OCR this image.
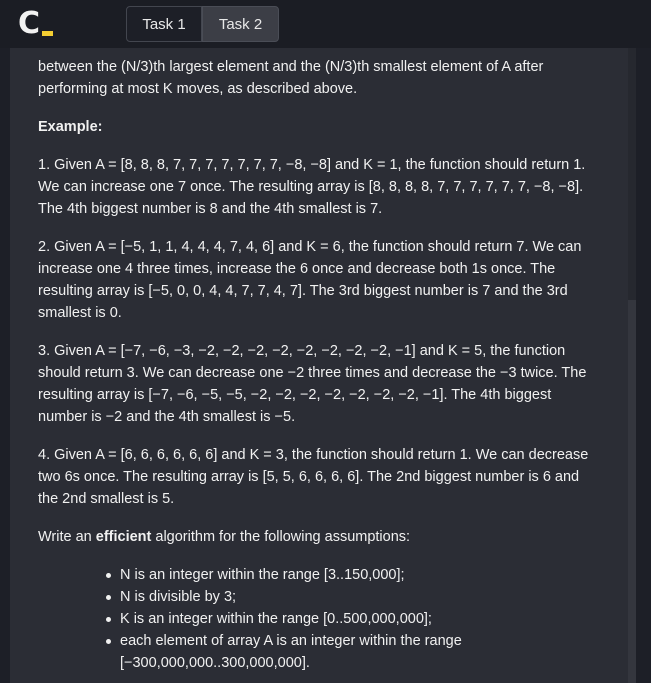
C	Task 1	Task 2

between the (N/3)th largest element and the (N/3)th smallest element of A after performing at most K moves, as described above.

Example:

1. Given A = [8, 8, 8, 7, 7, 7, 7, 7, 7, 7, −8, −8] and K = 1, the function should return 1. We can increase one 7 once. The resulting array is [8, 8, 8, 8, 7, 7, 7, 7, 7, 7, −8, −8]. The 4th biggest number is 8 and the 4th smallest is 7.

2. Given A = [−5, 1, 1, 4, 4, 4, 7, 4, 6] and K = 6, the function should return 7. We can increase one 4 three times, increase the 6 once and decrease both 1s once. The resulting array is [−5, 0, 0, 4, 4, 7, 7, 4, 7]. The 3rd biggest number is 7 and the 3rd smallest is 0.

3. Given A = [−7, −6, −3, −2, −2, −2, −2, −2, −2, −2, −2, −1] and K = 5, the function should return 3. We can decrease one −2 three times and decrease the −3 twice. The resulting array is [−7, −6, −5, −5, −2, −2, −2, −2, −2, −2, −2, −1]. The 4th biggest number is −2 and the 4th smallest is −5.

4. Given A = [6, 6, 6, 6, 6, 6] and K = 3, the function should return 1. We can decrease two 6s once. The resulting array is [5, 5, 6, 6, 6, 6]. The 2nd biggest number is 6 and the 2nd smallest is 5.

Write an efficient algorithm for the following assumptions:

N is an integer within the range [3..150,000];
N is divisible by 3;
K is an integer within the range [0..500,000,000];
each element of array A is an integer within the range [−300,000,000..300,000,000].
